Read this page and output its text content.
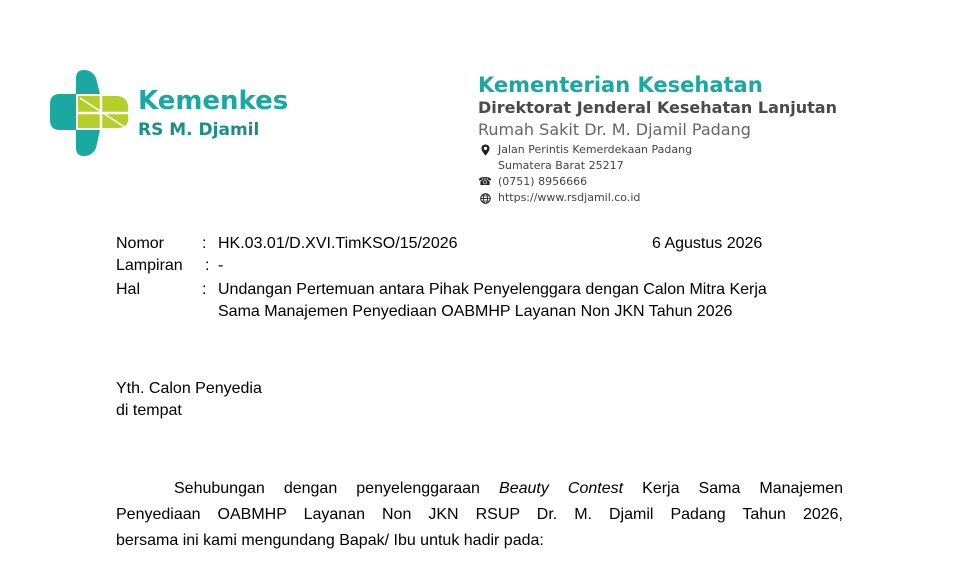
Kemenkes
RS M. Djamil
Kementerian Kesehatan
Direktorat Jenderal Kesehatan Lanjutan
Rumah Sakit Dr. M. Djamil Padang
Jalan Perintis Kemerdekaan Padang
Sumatera Barat 25217
☎ (0751) 8956666
https://www.rsdjamil.co.id
Nomor : HK.03.01/D.XVI.TimKSO/15/2026	6 Agustus 2026
Lampiran : -
Hal	: Undangan Pertemuan antara Pihak Penyelenggara dengan Calon Mitra Kerja
Sama Manajemen Penyediaan OABMHP Layanan Non JKN Tahun 2026
Yth. Calon Penyedia
di tempat
Sehubungan dengan penyelenggaraan Beauty Contest Kerja Sama Manajemen
Penyediaan OABMHP Layanan Non JKN RSUP Dr. M. Djamil Padang Tahun 2026,
bersama ini kami mengundang Bapak/ Ibu untuk hadir pada:
